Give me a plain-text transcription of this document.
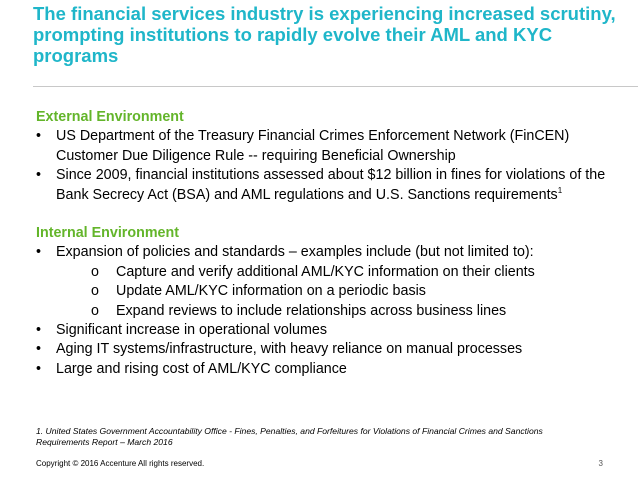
The financial services industry is experiencing increased scrutiny, prompting institutions to rapidly evolve their AML and KYC programs
External Environment
•	US Department of the Treasury Financial Crimes Enforcement Network (FinCEN) Customer Due Diligence Rule -- requiring Beneficial Ownership
•	Since 2009, financial institutions assessed about $12 billion in fines for violations of the Bank Secrecy Act (BSA) and AML regulations and U.S. Sanctions requirements$^1$
Internal Environment
•	Expansion of policies and standards – examples include (but not limited to):
o	Capture and verify additional AML/KYC information on their clients
o	Update AML/KYC information on a periodic basis
o	Expand reviews to include relationships across business lines
•	Significant increase in operational volumes
•	Aging IT systems/infrastructure, with heavy reliance on manual processes
•	Large and rising cost of AML/KYC compliance
1. United States Government Accountability Office - Fines, Penalties, and Forfeitures for Violations of Financial Crimes and Sanctions Requirements Report – March 2016
Copyright © 2016 Accenture All rights reserved.	3
